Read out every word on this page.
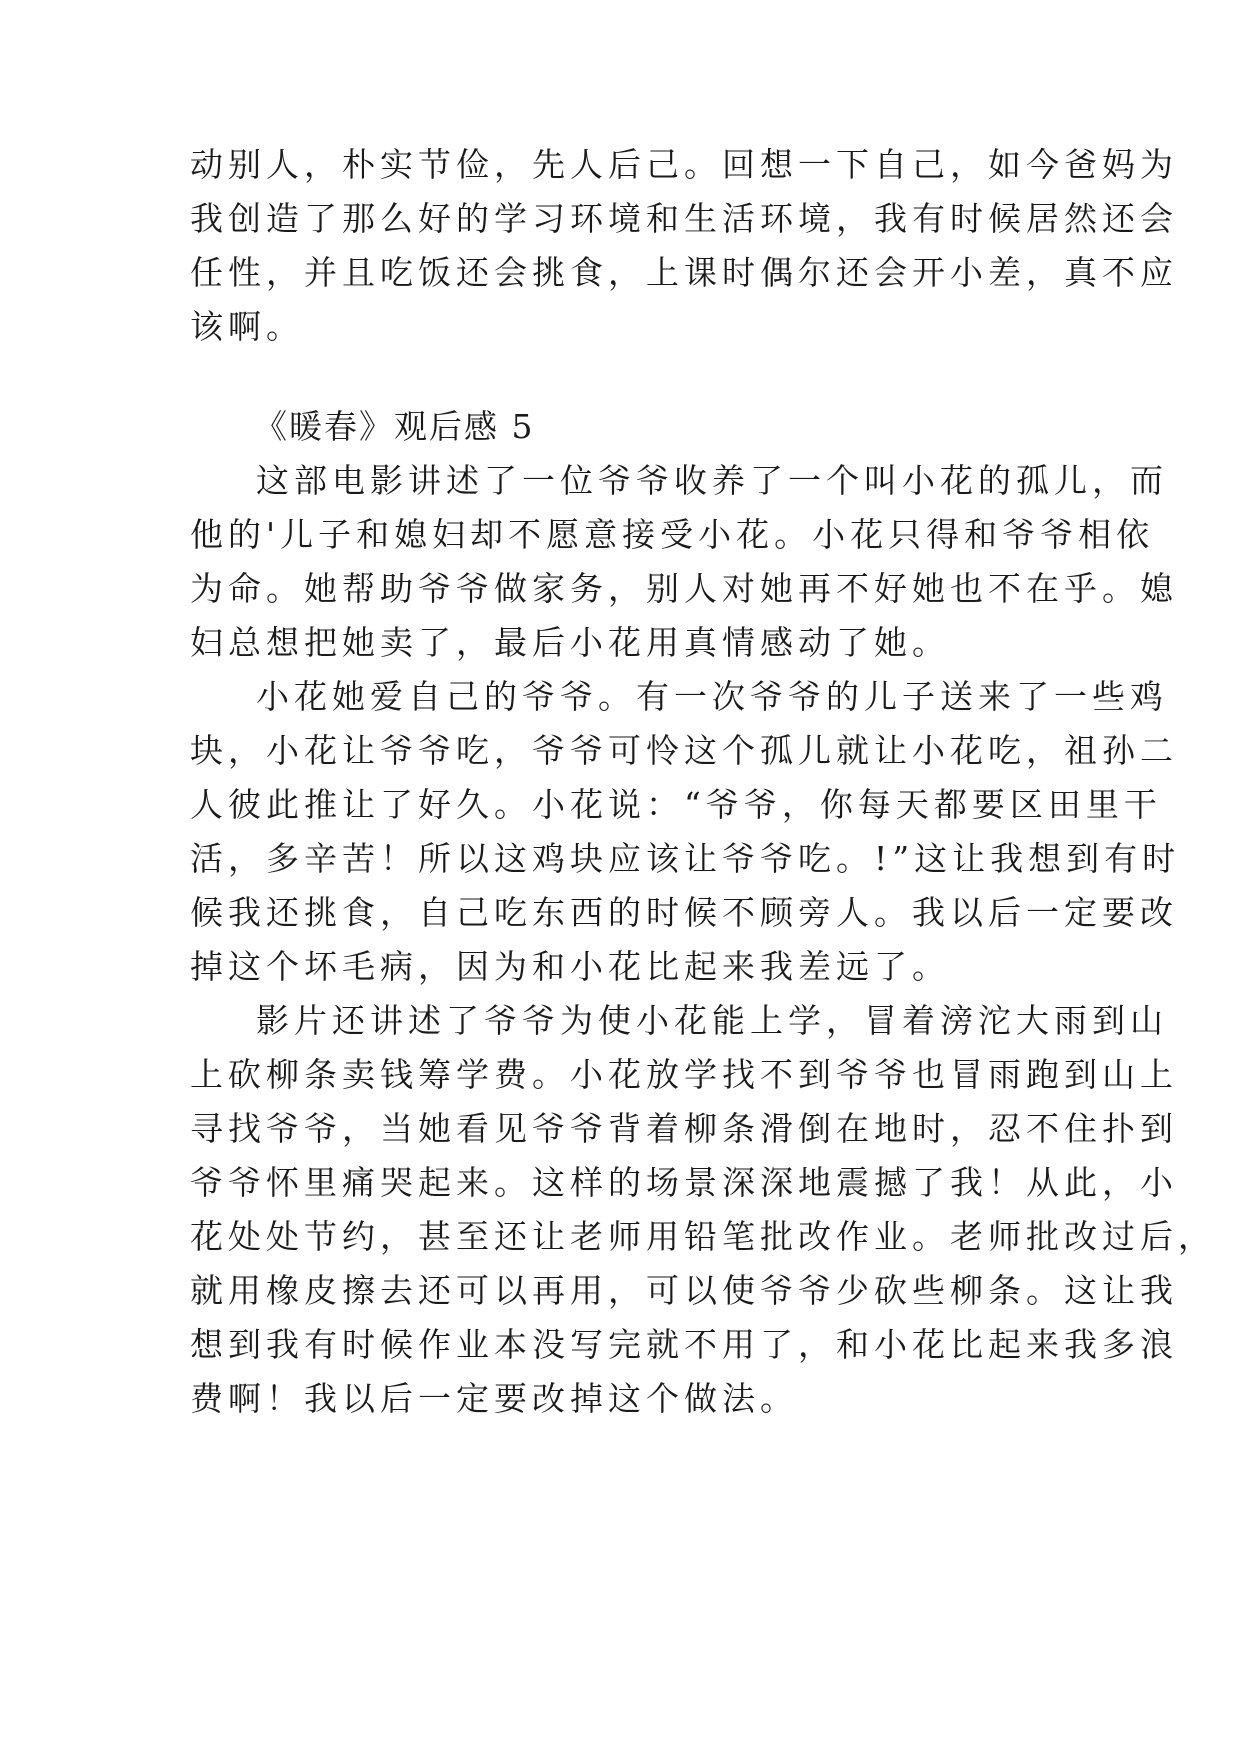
动别人，朴实节俭，先人后己。回想一下自己，如今爸妈为
我创造了那么好的学习环境和生活环境，我有时候居然还会
任性，并且吃饭还会挑食，上课时偶尔还会开小差，真不应
该啊。
《暖春》观后感 5
这部电影讲述了一位爷爷收养了一个叫小花的孤儿，而
他的'儿子和媳妇却不愿意接受小花。小花只得和爷爷相依
为命。她帮助爷爷做家务，别人对她再不好她也不在乎。媳
妇总想把她卖了，最后小花用真情感动了她。
小花她爱自己的爷爷。有一次爷爷的儿子送来了一些鸡
块，小花让爷爷吃，爷爷可怜这个孤儿就让小花吃，祖孙二
人彼此推让了好久。小花说：“爷爷，你每天都要区田里干
活，多辛苦！所以这鸡块应该让爷爷吃。!”这让我想到有时
候我还挑食，自己吃东西的时候不顾旁人。我以后一定要改
掉这个坏毛病，因为和小花比起来我差远了。
影片还讲述了爷爷为使小花能上学，冒着滂沱大雨到山
上砍柳条卖钱筹学费。小花放学找不到爷爷也冒雨跑到山上
寻找爷爷，当她看见爷爷背着柳条滑倒在地时，忍不住扑到
爷爷怀里痛哭起来。这样的场景深深地震撼了我！从此，小
花处处节约，甚至还让老师用铅笔批改作业。老师批改过后，
就用橡皮擦去还可以再用，可以使爷爷少砍些柳条。这让我
想到我有时候作业本没写完就不用了，和小花比起来我多浪
费啊！我以后一定要改掉这个做法。
